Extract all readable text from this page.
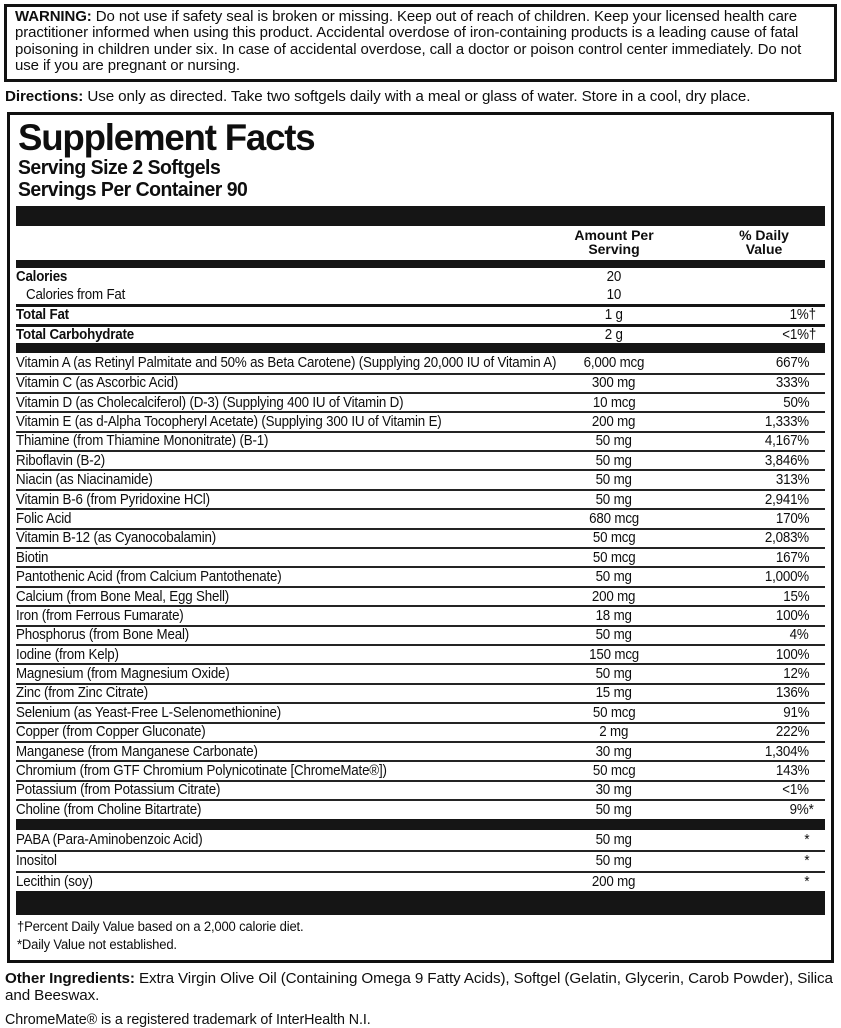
WARNING: Do not use if safety seal is broken or missing. Keep out of reach of children. Keep your licensed health care practitioner informed when using this product. Accidental overdose of iron-containing products is a leading cause of fatal poisoning in children under six. In case of accidental overdose, call a doctor or poison control center immediately. Do not use if you are pregnant or nursing.
Directions: Use only as directed. Take two softgels daily with a meal or glass of water. Store in a cool, dry place.
Supplement Facts
Serving Size 2 Softgels
Servings Per Container 90
Amount Per
Serving
% Daily
Value
Calories	20
Calories from Fat	10
Total Fat	1 g	1% †
Total Carbohydrate	2 g	<1% †
Vitamin A (as Retinyl Palmitate and 50% as Beta Carotene) (Supplying 20,000 IU of Vitamin A)	6,000 mcg	667%
Vitamin C (as Ascorbic Acid)	300 mg	333%
Vitamin D (as Cholecalciferol) (D-3) (Supplying 400 IU of Vitamin D)	10 mcg	50%
Vitamin E (as d-Alpha Tocopheryl Acetate) (Supplying 300 IU of Vitamin E)	200 mg	1,333%
Thiamine (from Thiamine Mononitrate) (B-1)	50 mg	4,167%
Riboflavin (B-2)	50 mg	3,846%
Niacin (as Niacinamide)	50 mg	313%
Vitamin B-6 (from Pyridoxine HCl)	50 mg	2,941%
Folic Acid	680 mcg	170%
Vitamin B-12 (as Cyanocobalamin)	50 mcg	2,083%
Biotin	50 mcg	167%
Pantothenic Acid (from Calcium Pantothenate)	50 mg	1,000%
Calcium (from Bone Meal, Egg Shell)	200 mg	15%
Iron (from Ferrous Fumarate)	18 mg	100%
Phosphorus (from Bone Meal)	50 mg	4%
Iodine (from Kelp)	150 mcg	100%
Magnesium (from Magnesium Oxide)	50 mg	12%
Zinc (from Zinc Citrate)	15 mg	136%
Selenium (as Yeast-Free L-Selenomethionine)	50 mcg	91%
Copper (from Copper Gluconate)	2 mg	222%
Manganese (from Manganese Carbonate)	30 mg	1,304%
Chromium (from GTF Chromium Polynicotinate [ChromeMate®])	50 mcg	143%
Potassium (from Potassium Citrate)	30 mg	<1%
Choline (from Choline Bitartrate)	50 mg	9% *
PABA (Para-Aminobenzoic Acid)	50 mg	*
Inositol	50 mg	*
Lecithin (soy)	200 mg	*
†Percent Daily Value based on a 2,000 calorie diet.
*Daily Value not established.
Other Ingredients: Extra Virgin Olive Oil (Containing Omega 9 Fatty Acids), Softgel (Gelatin, Glycerin, Carob Powder), Silica and Beeswax.
ChromeMate® is a registered trademark of InterHealth N.I.
